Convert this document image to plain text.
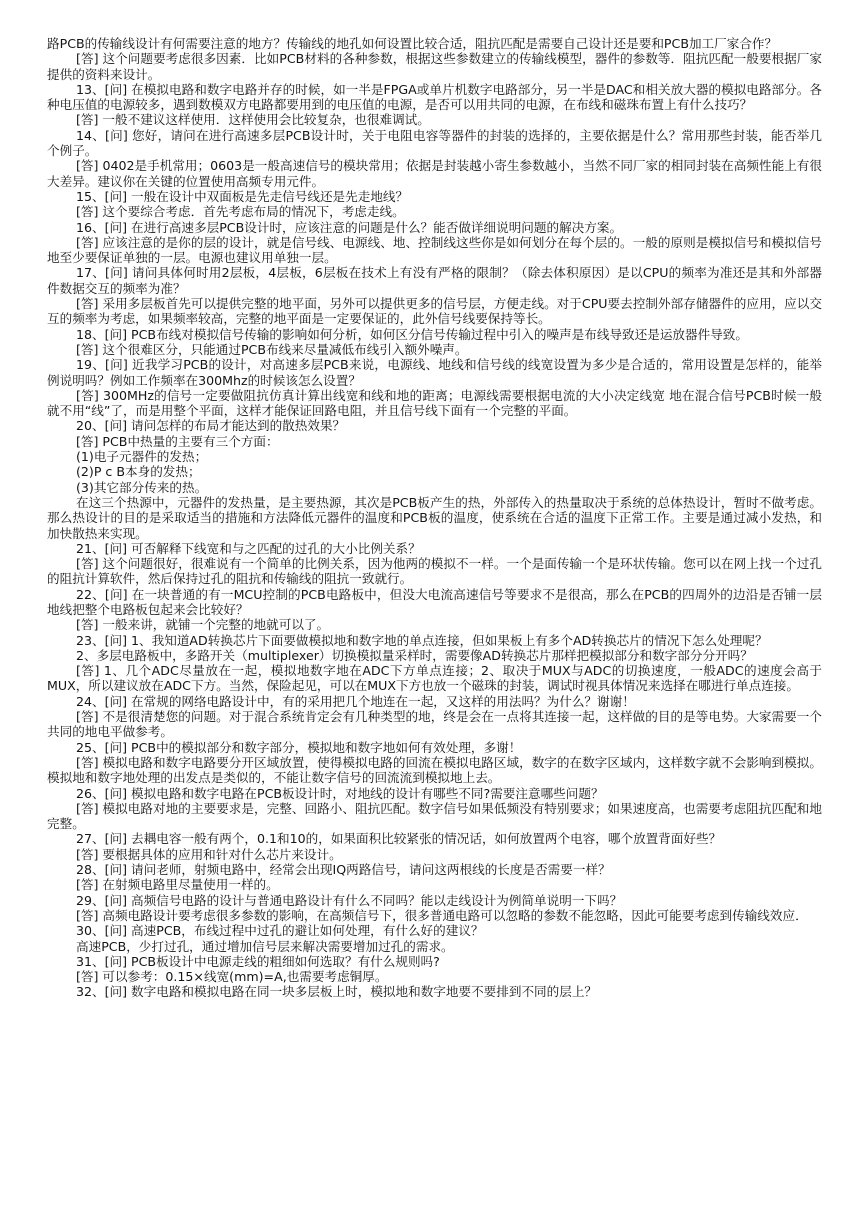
路PCB的传输线设计有何需要注意的地方？传输线的地孔如何设置比较合适，阻抗匹配是需要自己设计还是要和PCB加工厂家合作？

[答] 这个问题要考虑很多因素．比如PCB材料的各种参数，根据这些参数建立的传输线模型，器件的参数等．阻抗匹配一般要根据厂家提供的资料来设计。

13、[问] 在模拟电路和数字电路并存的时候，如一半是FPGA或单片机数字电路部分，另一半是DAC和相关放大器的模拟电路部分。各种电压值的电源较多，遇到数模双方电路都要用到的电压值的电源，是否可以用共同的电源，在布线和磁珠布置上有什么技巧？

[答] 一般不建议这样使用．这样使用会比较复杂，也很难调试。

14、[问] 您好，请问在进行高速多层PCB设计时，关于电阻电容等器件的封装的选择的，主要依据是什么？常用那些封装，能否举几个例子。

[答] 0402是手机常用；0603是一般高速信号的模块常用；依据是封装越小寄生参数越小，当然不同厂家的相同封装在高频性能上有很大差异。建议你在关键的位置使用高频专用元件。

15、[问] 一般在设计中双面板是先走信号线还是先走地线？

[答] 这个要综合考虑．首先考虑布局的情况下，考虑走线。

16、[问] 在进行高速多层PCB设计时，应该注意的问题是什么？能否做详细说明问题的解决方案。

[答] 应该注意的是你的层的设计，就是信号线、电源线、地、控制线这些你是如何划分在每个层的。一般的原则是模拟信号和模拟信号地至少要保证单独的一层。电源也建议用单独一层。

17、[问] 请问具体何时用2层板，4层板，6层板在技术上有没有严格的限制？（除去体积原因）是以CPU的频率为准还是其和外部器件数据交互的频率为准？

[答] 采用多层板首先可以提供完整的地平面，另外可以提供更多的信号层，方便走线。对于CPU要去控制外部存储器件的应用，应以交互的频率为考虑，如果频率较高，完整的地平面是一定要保证的，此外信号线要保持等长。

18、[问] PCB布线对模拟信号传输的影响如何分析，如何区分信号传输过程中引入的噪声是布线导致还是运放器件导致。

[答] 这个很难区分，只能通过PCB布线来尽量减低布线引入额外噪声。

19、[问] 近我学习PCB的设计，对高速多层PCB来说，电源线、地线和信号线的线宽设置为多少是合适的，常用设置是怎样的，能举例说明吗？例如工作频率在300Mhz的时候该怎么设置？

[答] 300MHz的信号一定要做阻抗仿真计算出线宽和线和地的距离；电源线需要根据电流的大小决定线宽 地在混合信号PCB时候一般就不用“线”了，而是用整个平面，这样才能保证回路电阻，并且信号线下面有一个完整的平面。

20、[问] 请问怎样的布局才能达到的散热效果？

[答] PCB中热量的主要有三个方面：

(1)电子元器件的发热；

(2)P c B本身的发热；

(3)其它部分传来的热。

在这三个热源中，元器件的发热量，是主要热源，其次是PCB板产生的热，外部传入的热量取决于系统的总体热设计，暂时不做考虑。那么热设计的目的是采取适当的措施和方法降低元器件的温度和PCB板的温度，使系统在合适的温度下正常工作。主要是通过减小发热，和加快散热来实现。

21、[问] 可否解释下线宽和与之匹配的过孔的大小比例关系？

[答] 这个问题很好，很难说有一个简单的比例关系，因为他两的模拟不一样。一个是面传输一个是环状传输。您可以在网上找一个过孔的阻抗计算软件，然后保持过孔的阻抗和传输线的阻抗一致就行。

22、[问] 在一块普通的有一MCU控制的PCB电路板中，但没大电流高速信号等要求不是很高，那么在PCB的四周外的边沿是否铺一层地线把整个电路板包起来会比较好？

[答] 一般来讲，就铺一个完整的地就可以了。

23、[问] 1、我知道AD转换芯片下面要做模拟地和数字地的单点连接，但如果板上有多个AD转换芯片的情况下怎么处理呢？

2、多层电路板中，多路开关（multiplexer）切换模拟量采样时，需要像AD转换芯片那样把模拟部分和数字部分分开吗？

[答] 1、几个ADC尽量放在一起，模拟地数字地在ADC下方单点连接；2、取决于MUX与ADC的切换速度，一般ADC的速度会高于MUX，所以建议放在ADC下方。当然，保险起见，可以在MUX下方也放一个磁珠的封装，调试时视具体情况来选择在哪进行单点连接。

24、[问] 在常规的网络电路设计中，有的采用把几个地连在一起，又这样的用法吗？为什么？谢谢！

[答] 不是很清楚您的问题。对于混合系统肯定会有几种类型的地，终是会在一点将其连接一起，这样做的目的是等电势。大家需要一个共同的地电平做参考。

25、[问] PCB中的模拟部分和数字部分，模拟地和数字地如何有效处理，多谢！

[答] 模拟电路和数字电路要分开区域放置，使得模拟电路的回流在模拟电路区域，数字的在数字区域内，这样数字就不会影响到模拟。模拟地和数字地处理的出发点是类似的，不能让数字信号的回流流到模拟地上去。

26、[问] 模拟电路和数字电路在PCB板设计时，对地线的设计有哪些不同?需要注意哪些问题？

[答] 模拟电路对地的主要要求是，完整、回路小、阻抗匹配。数字信号如果低频没有特别要求；如果速度高，也需要考虑阻抗匹配和地完整。

27、[问] 去耦电容一般有两个，0.1和10的，如果面积比较紧张的情况话，如何放置两个电容，哪个放置背面好些？

[答] 要根据具体的应用和针对什么芯片来设计。

28、[问] 请问老师，射频电路中，经常会出现IQ两路信号，请问这两根线的长度是否需要一样？

[答] 在射频电路里尽量使用一样的。

29、[问] 高频信号电路的设计与普通电路设计有什么不同吗？能以走线设计为例简单说明一下吗？

[答] 高频电路设计要考虑很多参数的影响，在高频信号下，很多普通电路可以忽略的参数不能忽略，因此可能要考虑到传输线效应．

30、[问] 高速PCB，布线过程中过孔的避让如何处理，有什么好的建议？

高速PCB，少打过孔，通过增加信号层来解决需要增加过孔的需求。

31、[问] PCB板设计中电源走线的粗细如何选取？有什么规则吗?

[答] 可以参考：0.15×线宽(mm)=A,也需要考虑铜厚。

32、[问] 数字电路和模拟电路在同一块多层板上时，模拟地和数字地要不要排到不同的层上？
